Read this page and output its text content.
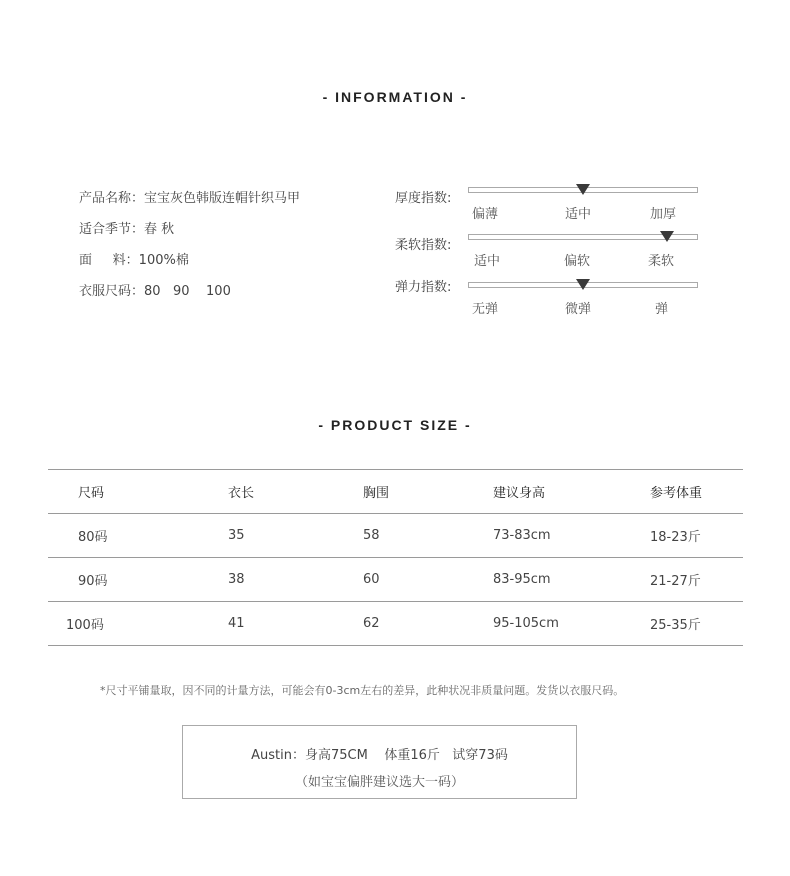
- INFORMATION -
产品名称：宝宝灰色韩版连帽针织马甲
适合季节：春 秋
面     料：100%棉
衣服尺码：80   90    100
厚度指数:
偏薄	适中	加厚
柔软指数:
适中	偏软	柔软
弹力指数:
无弹	微弹	弹
- PRODUCT SIZE -
尺码	衣长	胸围	建议身高	参考体重
80码	35	58	73-83cm	18-23斤
90码	38	60	83-95cm	21-27斤
100码	41	62	95-105cm	25-35斤
*尺寸平铺量取，因不同的计量方法，可能会有0-3cm左右的差异，此种状况非质量问题。发货以衣服尺码。
Austin：身高75CM    体重16斤   试穿73码
（如宝宝偏胖建议选大一码）
